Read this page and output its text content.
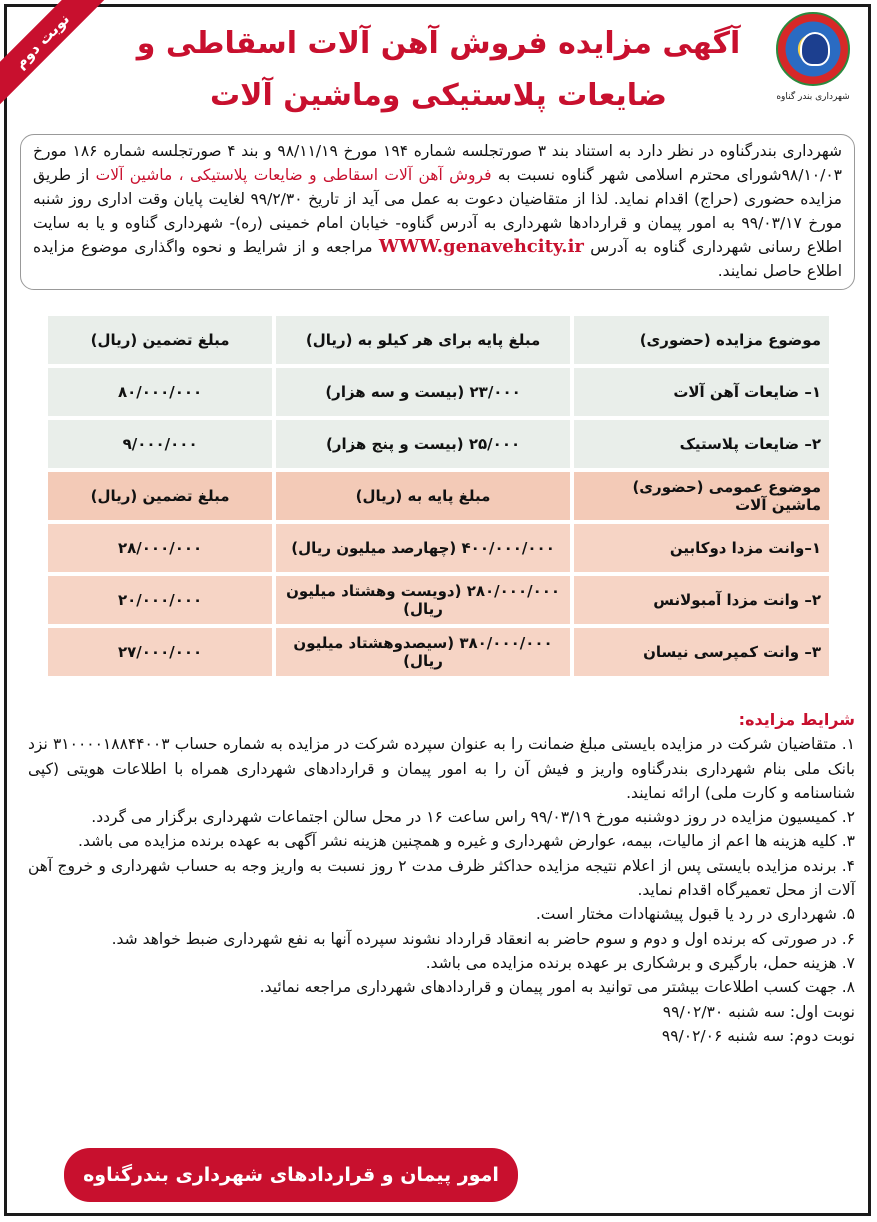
نوبت دوم
شهرداری بندر گناوه
آگهی مزایده فروش آهن آلات اسقاطی و
ضایعات پلاستیکی وماشین آلات
شهرداری بندرگناوه در نظر دارد به استناد بند ۳ صورتجلسه شماره ۱۹۴ مورخ ۹۸/۱۱/۱۹ و بند ۴ صورتجلسه شماره ۱۸۶ مورخ ۹۸/۱۰/۰۳شورای محترم اسلامی شهر گناوه نسبت به فروش آهن آلات اسقاطی و ضایعات پلاستیکی ، ماشین آلات از طریق مزایده حضوری (حراج) اقدام نماید. لذا از متقاضیان دعوت به عمل می آید از تاریخ ۹۹/۲/۳۰ لغایت پایان وقت اداری روز شنبه مورخ ۹۹/۰۳/۱۷ به امور پیمان و قراردادها شهرداری به آدرس گناوه- خیابان امام خمینی (ره)- شهرداری گناوه و یا به سایت اطلاع رسانی شهرداری گناوه به آدرس WWW.genavehcity.ir مراجعه و از شرایط و نحوه واگذاری موضوع مزایده اطلاع حاصل نمایند.
موضوع مزایده (حضوری)	مبلغ پایه برای هر کیلو به (ریال)	مبلغ تضمین (ریال)
۱– ضایعات آهن آلات	۲۳/۰۰۰ (بیست و سه هزار)	۸۰/۰۰۰/۰۰۰
۲– ضایعات پلاستیک	۲۵/۰۰۰ (بیست و پنج هزار)	۹/۰۰۰/۰۰۰
موضوع عمومی (حضوری) ماشین آلات	مبلغ پایه به (ریال)	مبلغ تضمین (ریال)
۱–وانت مزدا دوکابین	۴۰۰/۰۰۰/۰۰۰ (چهارصد میلیون ریال)	۲۸/۰۰۰/۰۰۰
۲– وانت مزدا آمبولانس	۲۸۰/۰۰۰/۰۰۰ (دویست وهشتاد میلیون ریال)	۲۰/۰۰۰/۰۰۰
۳– وانت کمپرسی نیسان	۳۸۰/۰۰۰/۰۰۰ (سیصدوهشتاد میلیون ریال)	۲۷/۰۰۰/۰۰۰
شرایط مزایده:

۱. متقاضیان شرکت در مزایده بایستی مبلغ ضمانت را به عنوان سپرده شرکت در مزایده به شماره حساب ۳۱۰۰۰۰۱۸۸۴۴۰۰۳ نزد بانک ملی بنام شهرداری بندرگناوه واریز و فیش آن را به امور پیمان و قراردادهای شهرداری همراه با اطلاعات هویتی (کپی شناسنامه و کارت ملی) ارائه نمایند.

۲. کمیسیون مزایده در روز دوشنبه مورخ ۹۹/۰۳/۱۹ راس ساعت ۱۶ در محل سالن اجتماعات شهرداری برگزار می گردد.

۳. کلیه هزینه ها اعم از مالیات، بیمه، عوارض شهرداری و غیره و همچنین هزینه نشر آگهی به عهده برنده مزایده می باشد.

۴. برنده مزایده بایستی پس از اعلام نتیجه مزایده حداکثر ظرف مدت ۲ روز نسبت به واریز وجه به حساب شهرداری و خروج آهن آلات از محل تعمیرگاه اقدام نماید.

۵. شهرداری در رد یا قبول پیشنهادات مختار است.

۶. در صورتی که برنده اول و دوم و سوم حاضر به انعقاد قرارداد نشوند سپرده آنها به نفع شهرداری ضبط خواهد شد.

۷. هزینه حمل، بارگیری و برشکاری بر عهده برنده مزایده می باشد.

۸. جهت کسب اطلاعات بیشتر می توانید به امور پیمان و قراردادهای شهرداری مراجعه نمائید.

نوبت اول: سه شنبه ۹۹/۰۲/۳۰

نوبت دوم: سه شنبه ۹۹/۰۲/۰۶

امور پیمان و قراردادهای شهرداری بندرگناوه
